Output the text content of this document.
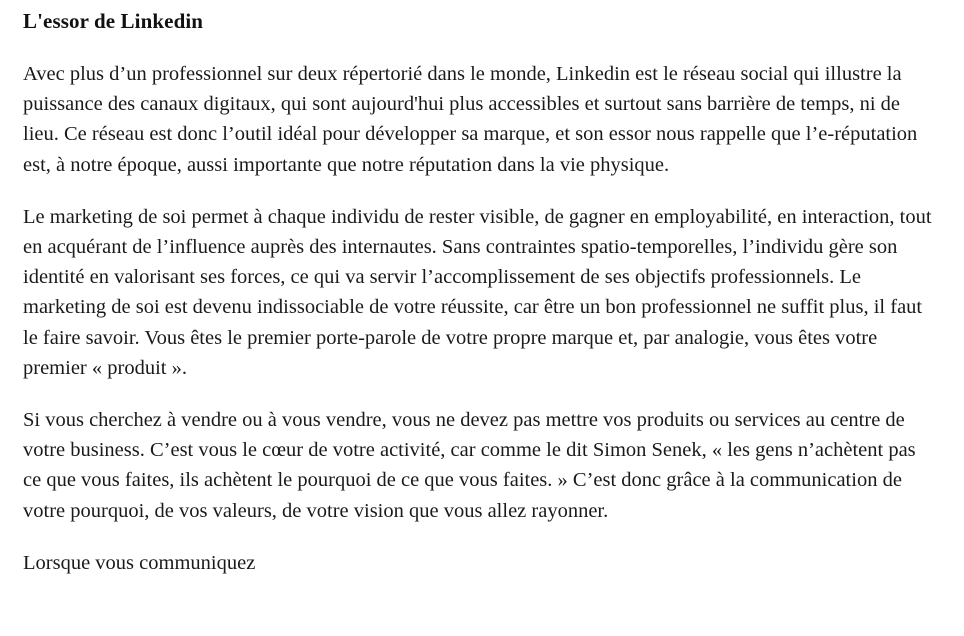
L'essor de Linkedin

Avec plus d’un professionnel sur deux répertorié dans le monde, Linkedin est le réseau social qui illustre la puissance des canaux digitaux, qui sont aujourd'hui plus accessibles et surtout sans barrière de temps, ni de lieu. Ce réseau est donc l’outil idéal pour développer sa marque, et son essor nous rappelle que l’e-réputation est, à notre époque, aussi importante que notre réputation dans la vie physique.

Le marketing de soi permet à chaque individu de rester visible, de gagner en employabilité, en interaction, tout en acquérant de l’influence auprès des internautes. Sans contraintes spatio-temporelles, l’individu gère son identité en valorisant ses forces, ce qui va servir l’accomplissement de ses objectifs professionnels. Le marketing de soi est devenu indissociable de votre réussite, car être un bon professionnel ne suffit plus, il faut le faire savoir. Vous êtes le premier porte-parole de votre propre marque et, par analogie, vous êtes votre premier « produit ».

Si vous cherchez à vendre ou à vous vendre, vous ne devez pas mettre vos produits ou services au centre de votre business. C’est vous le cœur de votre activité, car comme le dit Simon Senek, « les gens n’achètent pas ce que vous faites, ils achètent le pourquoi de ce que vous faites. » C’est donc grâce à la communication de votre pourquoi, de vos valeurs, de votre vision que vous allez rayonner.

Lorsque vous communiquez
